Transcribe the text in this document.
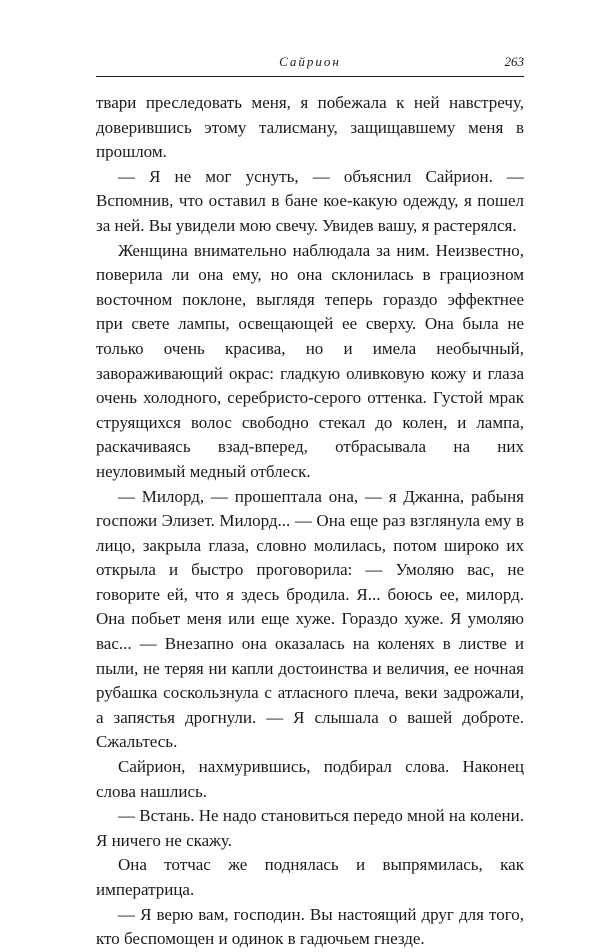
Сайрион	263

твари преследовать меня, я побежала к ней навстречу, доверившись этому талисману, защищавшему меня в прошлом.

— Я не мог уснуть, — объяснил Сайрион. — Вспомнив, что оставил в бане кое-какую одежду, я пошел за ней. Вы увидели мою свечу. Увидев вашу, я растерялся.

Женщина внимательно наблюдала за ним. Неизвестно, поверила ли она ему, но она склонилась в грациозном восточном поклоне, выглядя теперь гораздо эффектнее при свете лампы, освещающей ее сверху. Она была не только очень красива, но и имела необычный, завораживающий окрас: гладкую оливковую кожу и глаза очень холодного, серебристо-серого оттенка. Густой мрак струящихся волос свободно стекал до колен, и лампа, раскачиваясь взад-вперед, отбрасывала на них неуловимый медный отблеск.

— Милорд, — прошептала она, — я Джанна, рабыня госпожи Элизет. Милорд... — Она еще раз взглянула ему в лицо, закрыла глаза, словно молилась, потом широко их открыла и быстро проговорила: — Умоляю вас, не говорите ей, что я здесь бродила. Я... боюсь ее, милорд. Она побьет меня или еще хуже. Гораздо хуже. Я умоляю вас... — Внезапно она оказалась на коленях в листве и пыли, не теряя ни капли достоинства и величия, ее ночная рубашка соскользнула с атласного плеча, веки задрожали, а запястья дрогнули. — Я слышала о вашей доброте. Сжальтесь.

Сайрион, нахмурившись, подбирал слова. Наконец слова нашлись.

— Встань. Не надо становиться передо мной на колени. Я ничего не скажу.

Она тотчас же поднялась и выпрямилась, как императрица.

— Я верю вам, господин. Вы настоящий друг для того, кто беспомощен и одинок в гадючьем гнезде.
